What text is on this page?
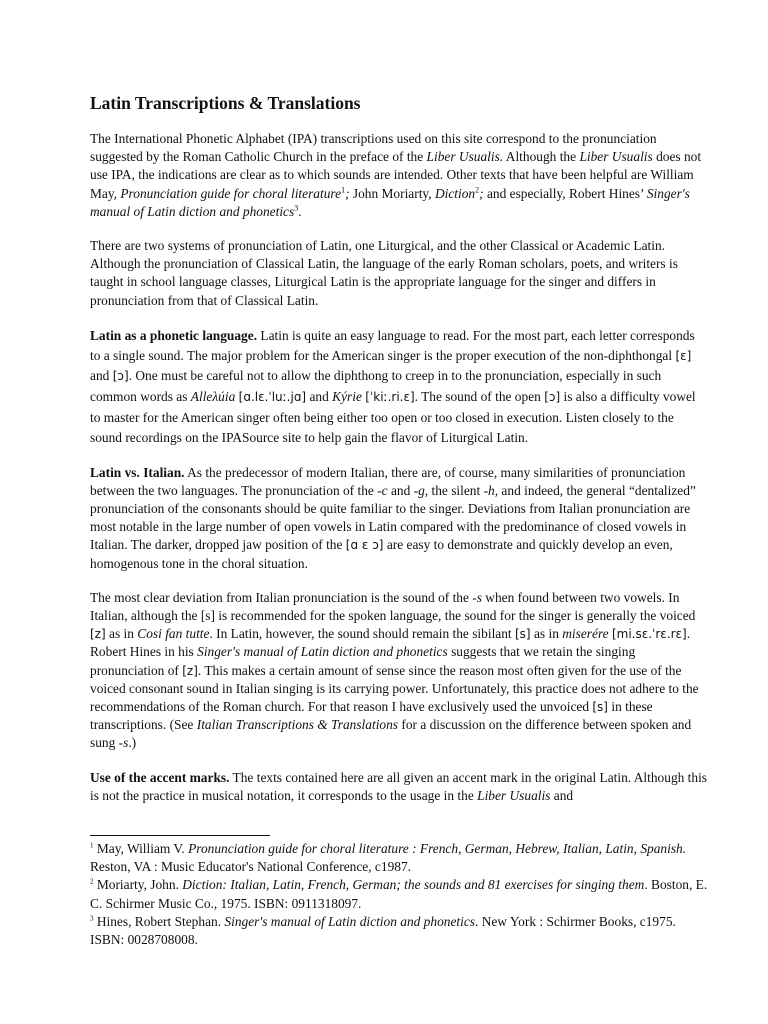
Latin Transcriptions & Translations

The International Phonetic Alphabet (IPA) transcriptions used on this site correspond to the pronunciation suggested by the Roman Catholic Church in the preface of the Liber Usualis. Although the Liber Usualis does not use IPA, the indications are clear as to which sounds are intended. Other texts that have been helpful are William May, Pronunciation guide for choral literature$^1$; John Moriarty, Diction$^2$; and especially, Robert Hines’ Singer's manual of Latin diction and phonetics$^3$.

There are two systems of pronunciation of Latin, one Liturgical, and the other Classical or Academic Latin. Although the pronunciation of Classical Latin, the language of the early Roman scholars, poets, and writers is taught in school language classes, Liturgical Latin is the appropriate language for the singer and differs in pronunciation from that of Classical Latin.

Latin as a phonetic language. Latin is quite an easy language to read. For the most part, each letter corresponds to a single sound. The major problem for the American singer is the proper execution of the non-diphthongal [ɛ] and [ɔ]. One must be careful not to allow the diphthong to creep in to the pronunciation, especially in such common words as Alleλúia [ɑ.lɛ.ˈluː.jɑ] and Kýrie [ˈkiː.ri.ɛ]. The sound of the open [ɔ] is also a difficulty vowel to master for the American singer often being either too open or too closed in execution. Listen closely to the sound recordings on the IPASource site to help gain the flavor of Liturgical Latin.

Latin vs. Italian. As the predecessor of modern Italian, there are, of course, many similarities of pronunciation between the two languages. The pronunciation of the -c and -g, the silent -h, and indeed, the general “dentalized” pronunciation of the consonants should be quite familiar to the singer. Deviations from Italian pronunciation are most notable in the large number of open vowels in Latin compared with the predominance of closed vowels in Italian. The darker, dropped jaw position of the [ɑ ɛ ɔ] are easy to demonstrate and quickly develop an even, homogenous tone in the choral situation.

The most clear deviation from Italian pronunciation is the sound of the -s when found between two vowels. In Italian, although the [s] is recommended for the spoken language, the sound for the singer is generally the voiced [z] as in Cosi fan tutte. In Latin, however, the sound should remain the sibilant [s] as in miserére [mi.sɛ.ˈrɛ.rɛ]. Robert Hines in his Singer's manual of Latin diction and phonetics suggests that we retain the singing pronunciation of [z]. This makes a certain amount of sense since the reason most often given for the use of the voiced consonant sound in Italian singing is its carrying power. Unfortunately, this practice does not adhere to the recommendations of the Roman church. For that reason I have exclusively used the unvoiced [s] in these transcriptions. (See Italian Transcriptions & Translations for a discussion on the difference between spoken and sung -s.)

Use of the accent marks. The texts contained here are all given an accent mark in the original Latin. Although this is not the practice in musical notation, it corresponds to the usage in the Liber Usualis and

$^1$ May, William V. Pronunciation guide for choral literature : French, German, Hebrew, Italian, Latin, Spanish. Reston, VA : Music Educator's National Conference, c1987.

$^2$ Moriarty, John. Diction: Italian, Latin, French, German; the sounds and 81 exercises for singing them. Boston, E. C. Schirmer Music Co., 1975. ISBN: 0911318097.

$^3$ Hines, Robert Stephan. Singer's manual of Latin diction and phonetics. New York : Schirmer Books, c1975. ISBN: 0028708008.
